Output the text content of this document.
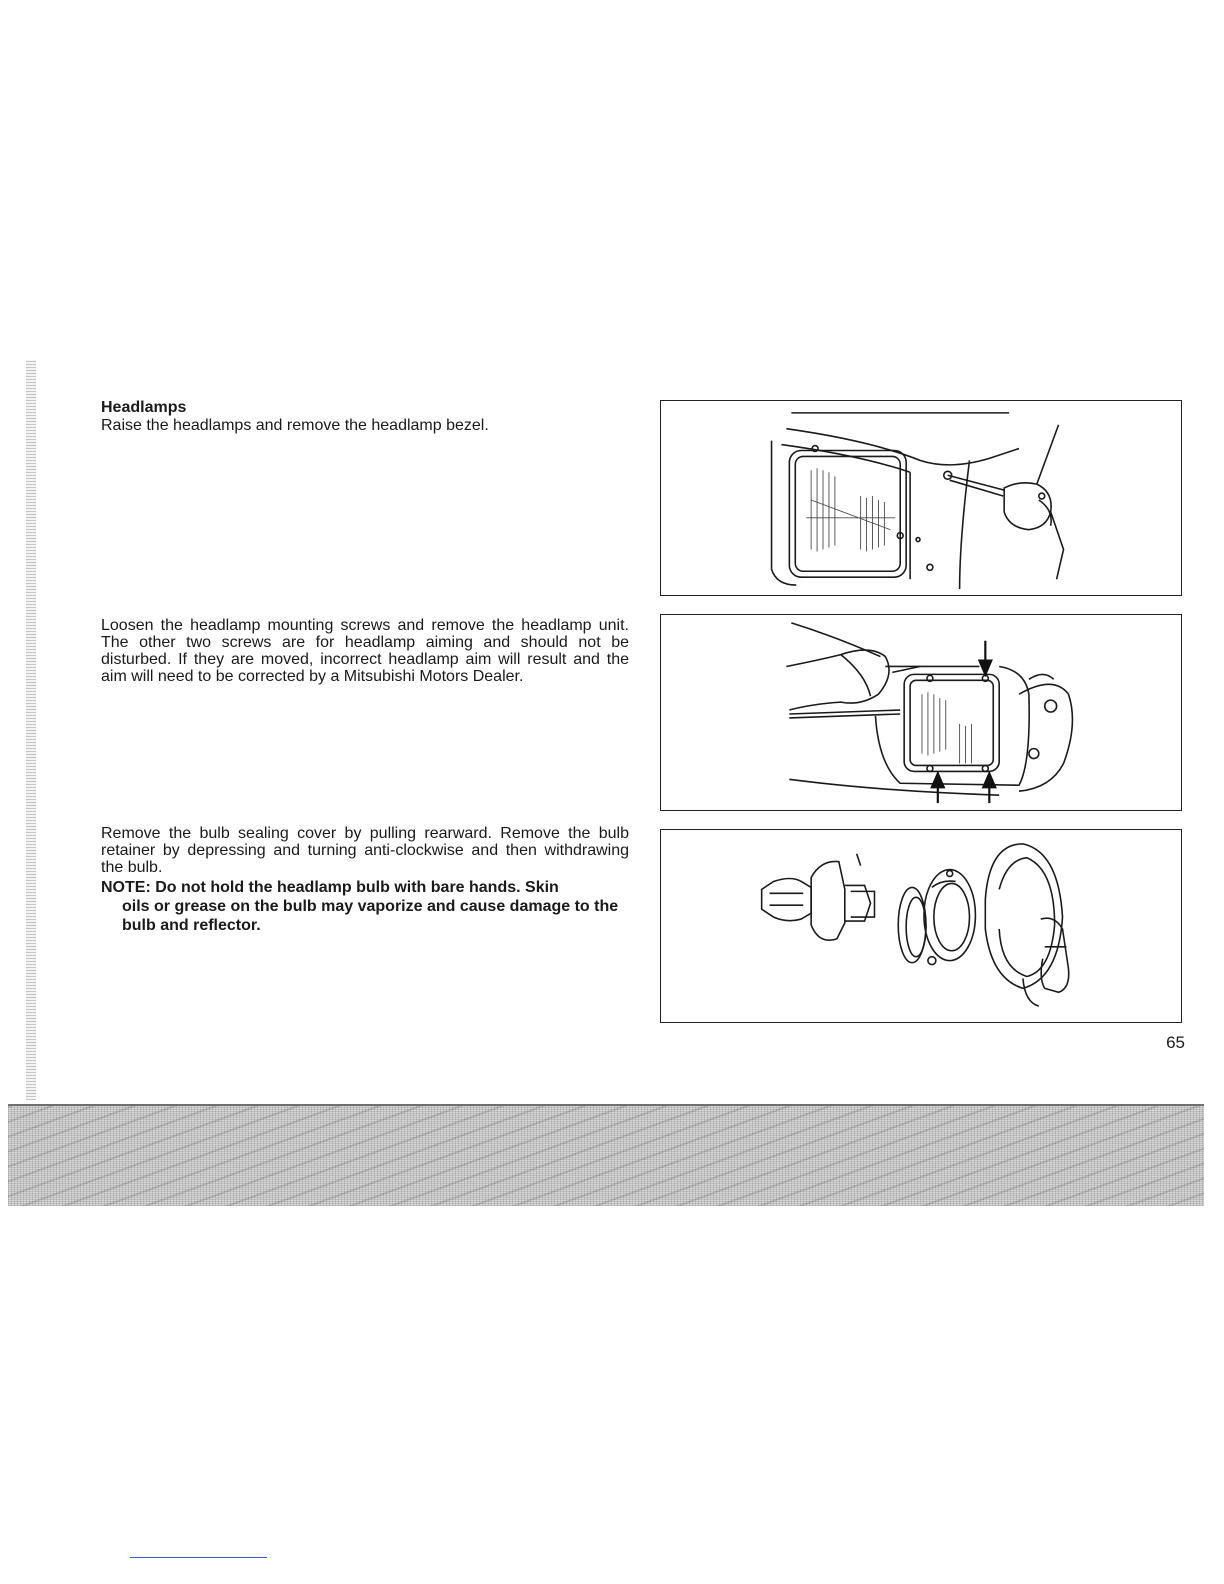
Headlamps

Raise the headlamps and remove the headlamp bezel.

Loosen the headlamp mounting screws and remove the headlamp unit. The other two screws are for headlamp aiming and should not be disturbed. If they are moved, incorrect headlamp aim will result and the aim will need to be corrected by a Mitsubishi Motors Dealer.

Remove the bulb sealing cover by pulling rearward. Remove the bulb retainer by depressing and turning anti-clockwise and then withdrawing the bulb.

NOTE: Do not hold the headlamp bulb with bare hands. Skin
oils or grease on the bulb may vaporize and cause damage to the bulb and reflector.
65
